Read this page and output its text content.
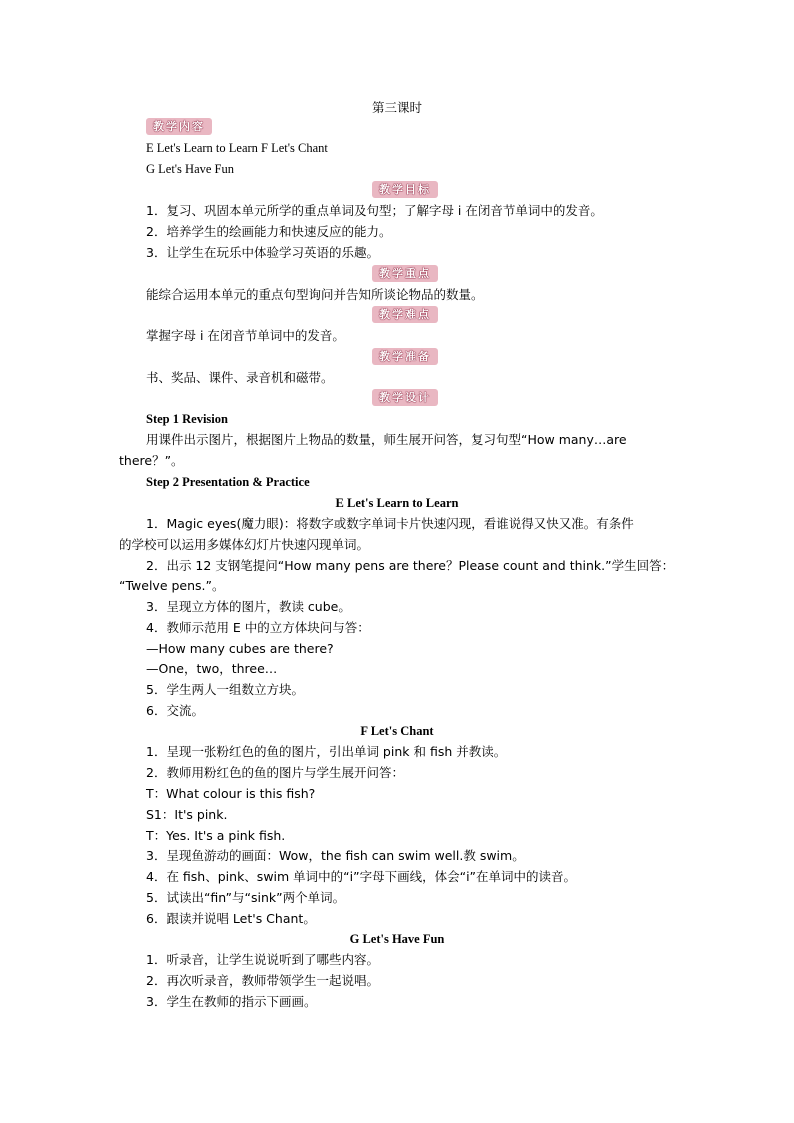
第三课时
教学内容
E Let's Learn to Learn F Let's Chant
G Let's Have Fun
教学目标
1．复习、巩固本单元所学的重点单词及句型；了解字母 i 在闭音节单词中的发音。
2．培养学生的绘画能力和快速反应的能力。
3．让学生在玩乐中体验学习英语的乐趣。
教学重点
能综合运用本单元的重点句型询问并告知所谈论物品的数量。
教学难点
掌握字母 i 在闭音节单词中的发音。
教学准备
书、奖品、课件、录音机和磁带。
教学设计
Step 1 Revision
用课件出示图片，根据图片上物品的数量，师生展开问答，复习句型“How many…are
there？”。
Step 2 Presentation & Practice
E Let's Learn to Learn
1．Magic eyes(魔力眼)：将数字或数字单词卡片快速闪现，看谁说得又快又准。有条件
的学校可以运用多媒体幻灯片快速闪现单词。
2．出示 12 支钢笔提问“How many pens are there？Please count and think.”学生回答：
“Twelve pens.”。
3．呈现立方体的图片，教读 cube。
4．教师示范用 E 中的立方体块问与答：
—How many cubes are there?
—One，two，three…
5．学生两人一组数立方块。
6．交流。
F Let's Chant
1．呈现一张粉红色的鱼的图片，引出单词 pink 和 fish 并教读。
2．教师用粉红色的鱼的图片与学生展开问答：
T：What colour is this fish?
S1：It's pink.
T：Yes. It's a pink fish.
3．呈现鱼游动的画面：Wow，the fish can swim well.教 swim。
4．在 fish、pink、swim 单词中的“i”字母下画线，体会“i”在单词中的读音。
5．试读出“fin”与“sink”两个单词。
6．跟读并说唱 Let's Chant。
G Let's Have Fun
1．听录音，让学生说说听到了哪些内容。
2．再次听录音，教师带领学生一起说唱。
3．学生在教师的指示下画画。
